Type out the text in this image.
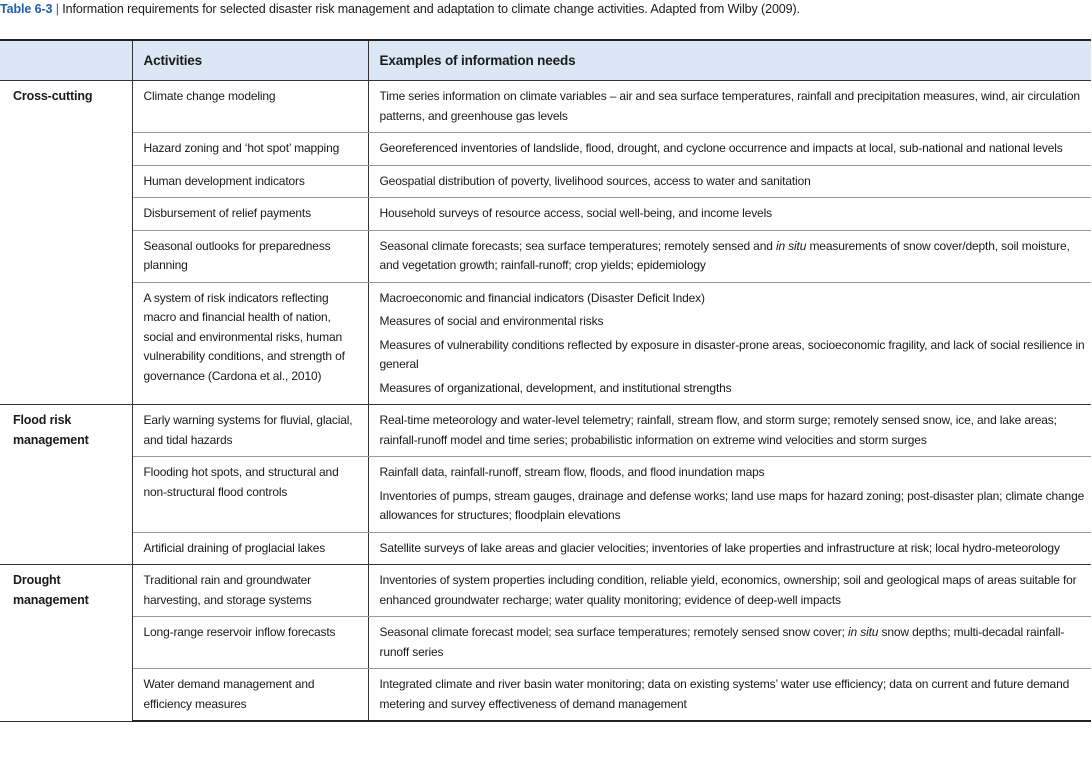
Table 6-3 | Information requirements for selected disaster risk management and adaptation to climate change activities. Adapted from Wilby (2009).
	Activities	Examples of information needs
Cross-cutting	Climate change modeling	Time series information on climate variables – air and sea surface temperatures, rainfall and precipitation measures, wind, air circulation patterns, and greenhouse gas levels

	Hazard zoning and ‘hot spot’ mapping	Georeferenced inventories of landslide, flood, drought, and cyclone occurrence and impacts at local, sub-national and national levels

	Human development indicators	Geospatial distribution of poverty, livelihood sources, access to water and sanitation

	Disbursement of relief payments	Household surveys of resource access, social well-being, and income levels

	Seasonal outlooks for preparedness planning	Seasonal climate forecasts; sea surface temperatures; remotely sensed and in situ measurements of snow cover/depth, soil moisture, and vegetation growth; rainfall-runoff; crop yields; epidemiology

	A system of risk indicators reflecting macro and financial health of nation, social and environmental risks, human vulnerability conditions, and strength of governance (Cardona et al., 2010)	Macroeconomic and financial indicators (Disaster Deficit Index)
Measures of social and environmental risks
Measures of vulnerability conditions reflected by exposure in disaster-prone areas, socioeconomic fragility, and lack of social resilience in general
Measures of organizational, development, and institutional strengths

Flood risk management	Early warning systems for fluvial, glacial, and tidal hazards	Real-time meteorology and water-level telemetry; rainfall, stream flow, and storm surge; remotely sensed snow, ice, and lake areas; rainfall-runoff model and time series; probabilistic information on extreme wind velocities and storm surges

	Flooding hot spots, and structural and non-structural flood controls	Rainfall data, rainfall-runoff, stream flow, floods, and flood inundation maps
Inventories of pumps, stream gauges, drainage and defense works; land use maps for hazard zoning; post-disaster plan; climate change allowances for structures; floodplain elevations

	Artificial draining of proglacial lakes	Satellite surveys of lake areas and glacier velocities; inventories of lake properties and infrastructure at risk; local hydro-meteorology

Drought management	Traditional rain and groundwater harvesting, and storage systems	Inventories of system properties including condition, reliable yield, economics, ownership; soil and geological maps of areas suitable for enhanced groundwater recharge; water quality monitoring; evidence of deep-well impacts

	Long-range reservoir inflow forecasts	Seasonal climate forecast model; sea surface temperatures; remotely sensed snow cover; in situ snow depths; multi-decadal rainfall-runoff series

	Water demand management and efficiency measures	Integrated climate and river basin water monitoring; data on existing systems’ water use efficiency; data on current and future demand metering and survey effectiveness of demand management
